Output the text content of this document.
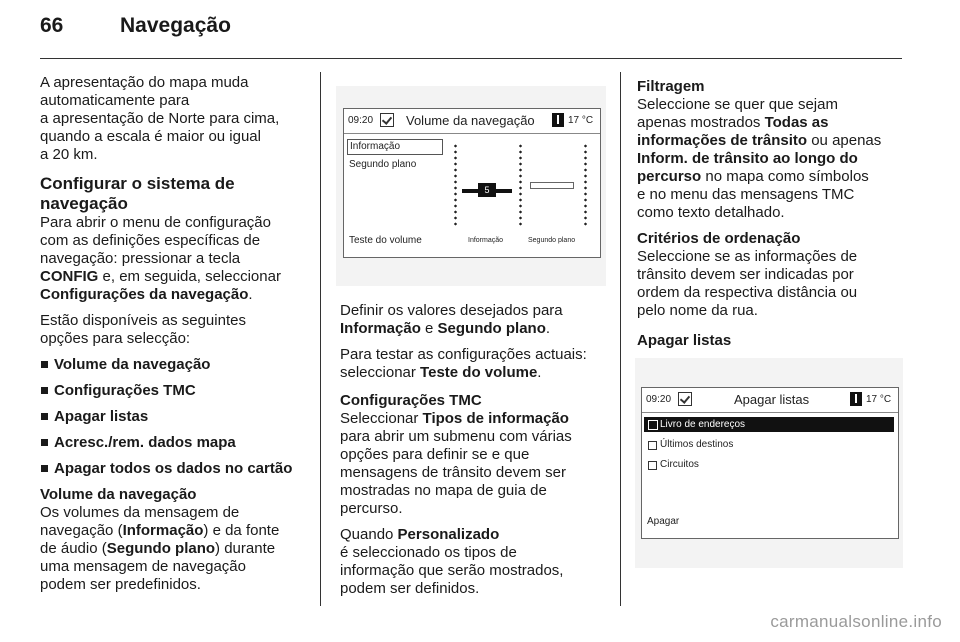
66	Navegação

A apresentação do mapa muda
automaticamente para
a apresentação de Norte para cima,
quando a escala é maior ou igual
a 20 km.

Configurar o sistema de
navegação

Para abrir o menu de configuração
com as definições específicas de
navegação: pressionar a tecla
CONFIG e, em seguida, seleccionar
Configurações da navegação.

Estão disponíveis as seguintes
opções para selecção:

Volume da navegação
Configurações TMC
Apagar listas
Acresc./rem. dados mapa
Apagar todos os dados no cartão
Volume da navegação

Os volumes da mensagem de
navegação (Informação) e da fonte
de áudio (Segundo plano) durante
uma mensagem de navegação
podem ser predefinidos.

09:20	Volume da navegação	17 °C
Informação
Segundo plano
Teste do volume
5
Informação	Segundo plano

Definir os valores desejados para
Informação e Segundo plano.

Para testar as configurações actuais:
seleccionar Teste do volume.

Configurações TMC

Seleccionar Tipos de informação
para abrir um submenu com várias
opções para definir se e que
mensagens de trânsito devem ser
mostradas no mapa de guia de
percurso.

Quando Personalizado
é seleccionado os tipos de
informação que serão mostrados,
podem ser definidos.

Filtragem

Seleccione se quer que sejam
apenas mostrados Todas as
informações de trânsito ou apenas
Inform. de trânsito ao longo do
percurso no mapa como símbolos
e no menu das mensagens TMC
como texto detalhado.

Critérios de ordenação

Seleccione se as informações de
trânsito devem ser indicadas por
ordem da respectiva distância ou
pelo nome da rua.

Apagar listas
09:20	Apagar listas	17 °C
Livro de endereços
Últimos destinos
Circuitos
Apagar
carmanualsonline.info
